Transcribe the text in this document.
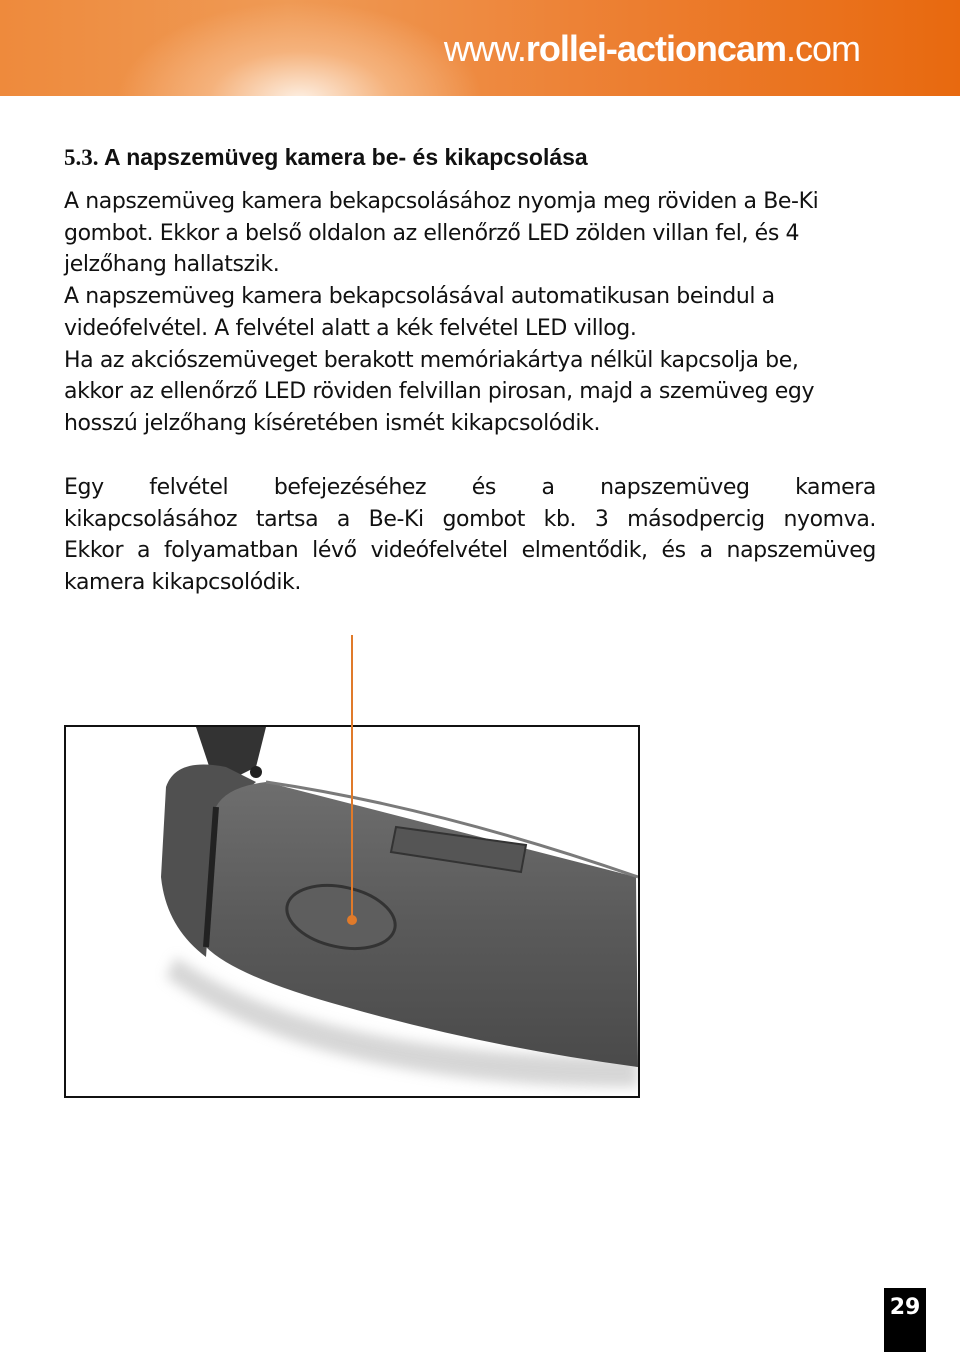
www.rollei-actioncam.com
5.3. A napszemüveg kamera be- és kikapcsolása
A napszemüveg kamera bekapcsolásához nyomja meg röviden a Be-Ki
gombot. Ekkor a belső oldalon az ellenőrző LED zölden villan fel, és 4
jelzőhang hallatszik.
A napszemüveg kamera bekapcsolásával automatikusan beindul a
videófelvétel. A felvétel alatt a kék felvétel LED villog.
Ha az akciószemüveget berakott memóriakártya nélkül kapcsolja be,
akkor az ellenőrző LED röviden felvillan pirosan, majd a szemüveg egy
hosszú jelzőhang kíséretében ismét kikapcsolódik.
Egy felvétel befejezéséhez és a napszemüveg kamera
kikapcsolásához tartsa a Be-Ki gombot kb. 3 másodpercig nyomva.
Ekkor a folyamatban lévő videófelvétel elmentődik, és a napszemüveg
kamera kikapcsolódik.
29
